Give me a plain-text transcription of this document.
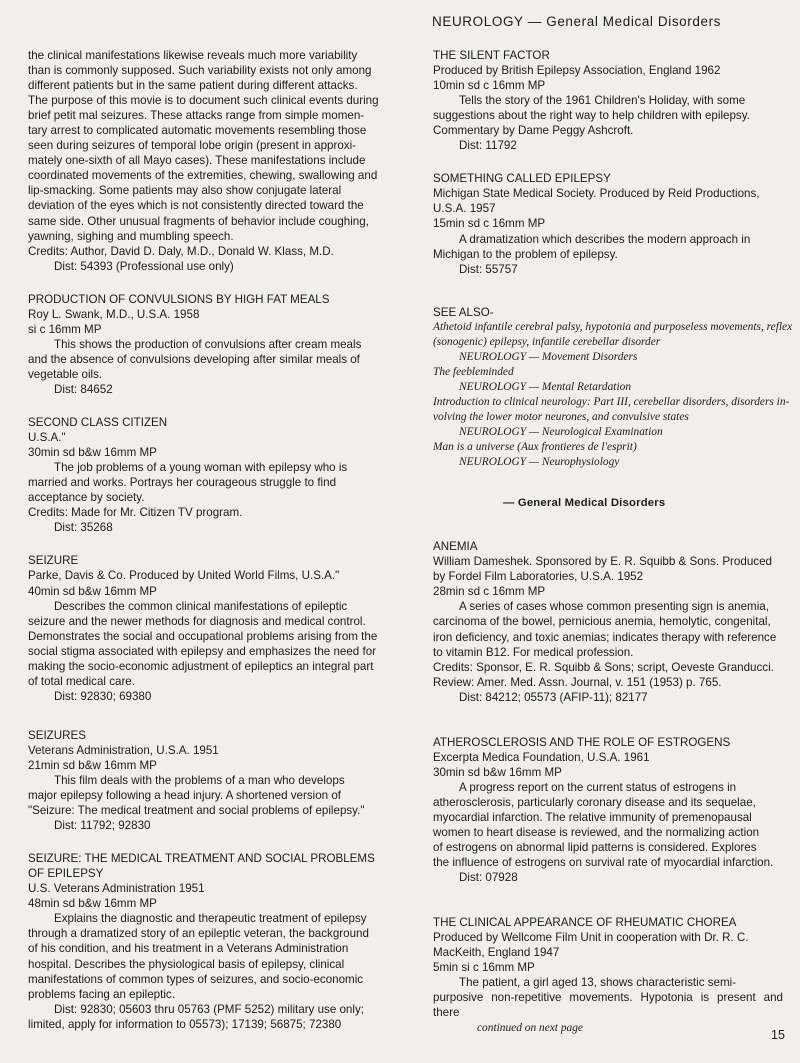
NEUROLOGY — General Medical Disorders

the clinical manifestations likewise reveals much more variability
than is commonly supposed. Such variability exists not only among
different patients but in the same patient during different attacks.
The purpose of this movie is to document such clinical events during
brief petit mal seizures. These attacks range from simple momen-
tary arrest to complicated automatic movements resembling those
seen during seizures of temporal lobe origin (present in approxi-
mately one-sixth of all Mayo cases). These manifestations include
coordinated movements of the extremities, chewing, swallowing and
lip-smacking. Some patients may also show conjugate lateral
deviation of the eyes which is not consistently directed toward the
same side. Other unusual fragments of behavior include coughing,
yawning, sighing and mumbling speech.

Credits: Author, David D. Daly, M.D., Donald W. Klass, M.D.
Dist: 54393 (Professional use only)
PRODUCTION OF CONVULSIONS BY HIGH FAT MEALS
Roy L. Swank, M.D., U.S.A. 1958
si c 16mm MP

This shows the production of convulsions after cream meals
and the absence of convulsions developing after similar meals of
vegetable oils.

Dist: 84652
SECOND CLASS CITIZEN
U.S.A."
30min sd b&w 16mm MP

The job problems of a young woman with epilepsy who is
married and works. Portrays her courageous struggle to find
acceptance by society.

Credits: Made for Mr. Citizen TV program.
Dist: 35268
SEIZURE
Parke, Davis & Co. Produced by United World Films, U.S.A."
40min sd b&w 16mm MP

Describes the common clinical manifestations of epileptic
seizure and the newer methods for diagnosis and medical control.
Demonstrates the social and occupational problems arising from the
social stigma associated with epilepsy and emphasizes the need for
making the socio-economic adjustment of epileptics an integral part
of total medical care.

Dist: 92830; 69380
SEIZURES
Veterans Administration, U.S.A. 1951
21min sd b&w 16mm MP

This film deals with the problems of a man who develops
major epilepsy following a head injury. A shortened version of
"Seizure: The medical treatment and social problems of epilepsy."

Dist: 11792; 92830
SEIZURE: THE MEDICAL TREATMENT AND SOCIAL PROBLEMS
OF EPILEPSY
U.S. Veterans Administration 1951
48min sd b&w 16mm MP

Explains the diagnostic and therapeutic treatment of epilepsy
through a dramatized story of an epileptic veteran, the background
of his condition, and his treatment in a Veterans Administration
hospital. Describes the physiological basis of epilepsy, clinical
manifestations of common types of seizures, and socio-economic
problems facing an epileptic.

Dist: 92830; 05603 thru 05763 (PMF 5252) military use only;
limited, apply for information to 05573); 17139; 56875; 72380
THE SILENT FACTOR
Produced by British Epilepsy Association, England 1962
10min sd c 16mm MP

Tells the story of the 1961 Children's Holiday, with some
suggestions about the right way to help children with epilepsy.
Commentary by Dame Peggy Ashcroft.

Dist: 11792
SOMETHING CALLED EPILEPSY
Michigan State Medical Society. Produced by Reid Productions,
U.S.A. 1957
15min sd c 16mm MP

A dramatization which describes the modern approach in
Michigan to the problem of epilepsy.

Dist: 55757
SEE ALSO-
Athetoid infantile cerebral palsy, hypotonia and purposeless movements, reflex
(sonogenic) epilepsy, infantile cerebellar disorder
NEUROLOGY — Movement Disorders
The feebleminded
NEUROLOGY — Mental Retardation
Introduction to clinical neurology: Part III, cerebellar disorders, disorders in-
volving the lower motor neurones, and convulsive states
NEUROLOGY — Neurological Examination
Man is a universe (Aux frontieres de l'esprit)
NEUROLOGY — Neurophysiology
— General Medical Disorders
ANEMIA
William Dameshek. Sponsored by E. R. Squibb & Sons. Produced
by Fordel Film Laboratories, U.S.A. 1952
28min sd c 16mm MP

A series of cases whose common presenting sign is anemia,
carcinoma of the bowel, pernicious anemia, hemolytic, congenital,
iron deficiency, and toxic anemias; indicates therapy with reference
to vitamin B12. For medical profession.

Credits: Sponsor, E. R. Squibb & Sons; script, Oeveste Granducci.
Review: Amer. Med. Assn. Journal, v. 151 (1953) p. 765.
Dist: 84212; 05573 (AFIP-11); 82177
ATHEROSCLEROSIS AND THE ROLE OF ESTROGENS
Excerpta Medica Foundation, U.S.A. 1961
30min sd b&w 16mm MP

A progress report on the current status of estrogens in
atherosclerosis, particularly coronary disease and its sequelae,
myocardial infarction. The relative immunity of premenopausal
women to heart disease is reviewed, and the normalizing action
of estrogens on abnormal lipid patterns is considered. Explores
the influence of estrogens on survival rate of myocardial infarction.

Dist: 07928
THE CLINICAL APPEARANCE OF RHEUMATIC CHOREA
Produced by Wellcome Film Unit in cooperation with Dr. R. C.
MacKeith, England 1947
5min si c 16mm MP

The patient, a girl aged 13, shows characteristic semi-
purposive non-repetitive movements. Hypotonia is present and there

continued on next page
15
